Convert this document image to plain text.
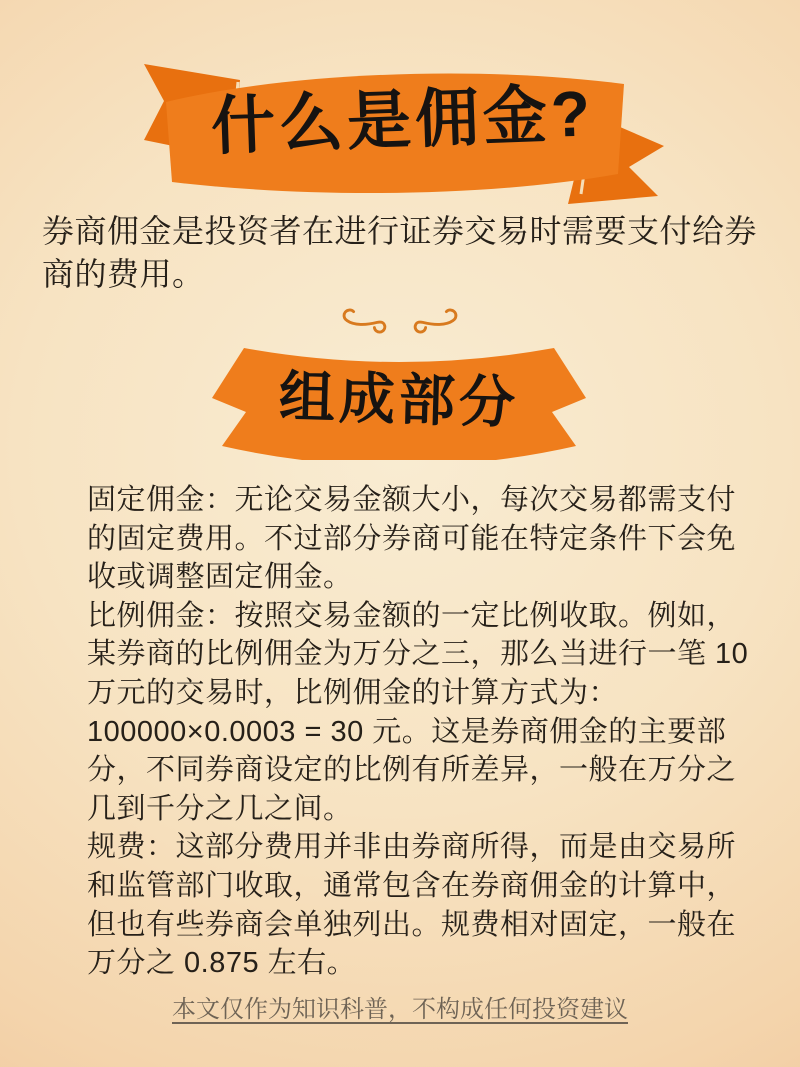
什么是佣金?
券商佣金是投资者在进行证券交易时需要支付给券商的费用。
组成部分

固定佣金：无论交易金额大小，每次交易都需支付的固定费用。不过部分券商可能在特定条件下会免收或调整固定佣金。

比例佣金：按照交易金额的一定比例收取。例如，某券商的比例佣金为万分之三，那么当进行一笔 10 万元的交易时，比例佣金的计算方式为：100000×0.0003 = 30 元。这是券商佣金的主要部分，不同券商设定的比例有所差异，一般在万分之几到千分之几之间。

规费：这部分费用并非由券商所得，而是由交易所和监管部门收取，通常包含在券商佣金的计算中，但也有些券商会单独列出。规费相对固定，一般在万分之 0.875 左右。

本文仅作为知识科普，不构成任何投资建议
